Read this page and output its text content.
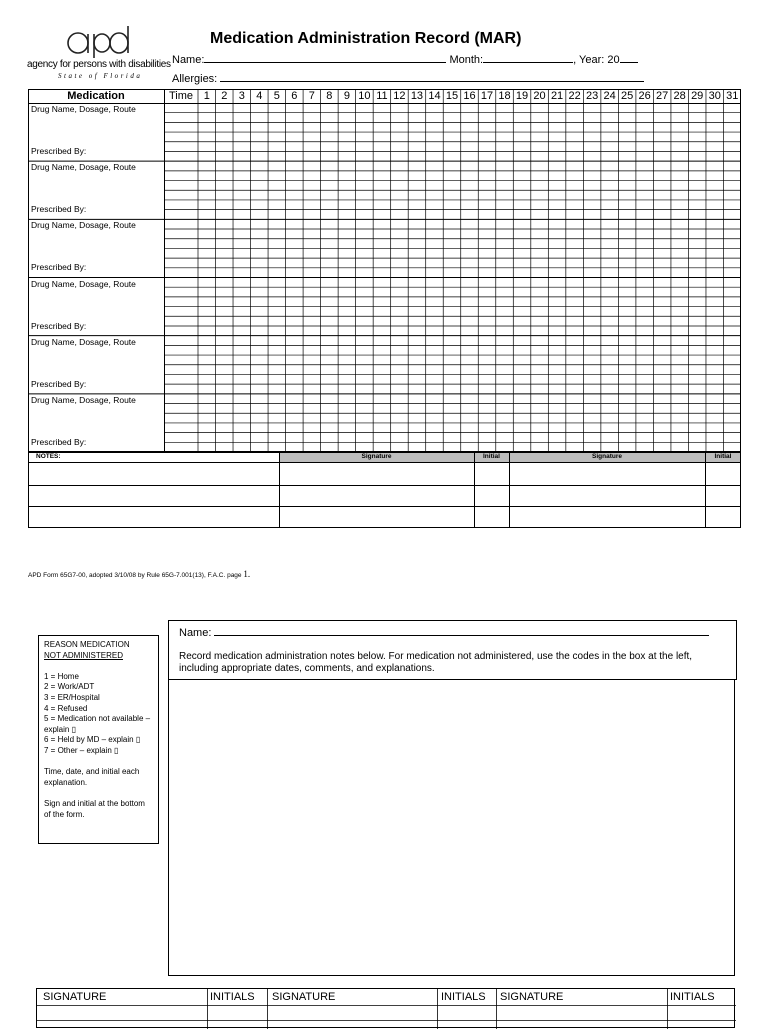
agency for persons with disabilities
State of Florida
Medication Administration Record (MAR)
Name:	Month:	, Year: 20
Allergies:
Medication	Time 1	2	3	4	5	6	7	8	9 10 11 12 13 14 15 16 17 18 19 20 21 22 23 24 25 26 27 28 29 30 31
Drug Name, Dosage, Route
Prescribed By:
Drug Name, Dosage, Route
Prescribed By:
Drug Name, Dosage, Route
Prescribed By:
Drug Name, Dosage, Route
Prescribed By:
Drug Name, Dosage, Route
Prescribed By:
Drug Name, Dosage, Route
Prescribed By:
NOTES:	Signature	Initial	Signature	Initial
APD Form 65G7-00, adopted 3/10/08 by Rule 65G-7.001(13), F.A.C. page 1.

REASON MEDICATION

NOT ADMINISTERED

1 = Home

2 = Work/ADT

3 = ER/Hospital

4 = Refused

5 = Medication not available – explain ▯

6 = Held by MD – explain ▯

7 = Other – explain ▯

Time, date, and initial each explanation.

Sign and initial at the bottom of the form.

Name:
Record medication administration notes below. For medication not administered, use the codes in the box at the left, including appropriate dates, comments, and explanations.
SIGNATURE	INITIALS SIGNATURE	INITIALS SIGNATURE	INITIALS
